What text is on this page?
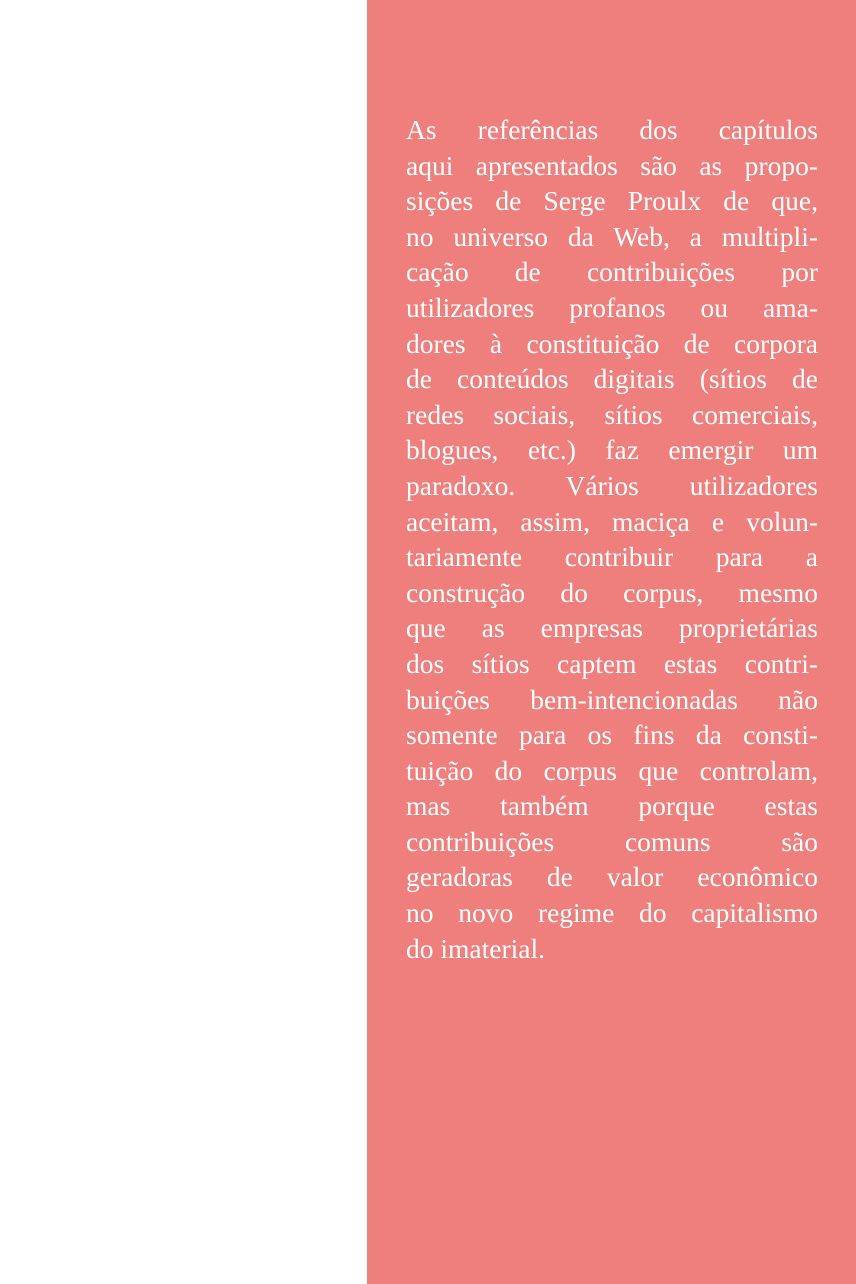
As referências dos capítulos
aqui apresentados são as propo-
sições de Serge Proulx de que,
no universo da Web, a multipli-
cação de contribuições por
utilizadores profanos ou ama-
dores à constituição de corpora
de conteúdos digitais (sítios de
redes sociais, sítios comerciais,
blogues, etc.) faz emergir um
paradoxo. Vários utilizadores
aceitam, assim, maciça e volun-
tariamente contribuir para a
construção do corpus, mesmo
que as empresas proprietárias
dos sítios captem estas contri-
buições bem-intencionadas não
somente para os fins da consti-
tuição do corpus que controlam,
mas também porque estas
contribuições comuns são
geradoras de valor econômico
no novo regime do capitalismo
do imaterial.
